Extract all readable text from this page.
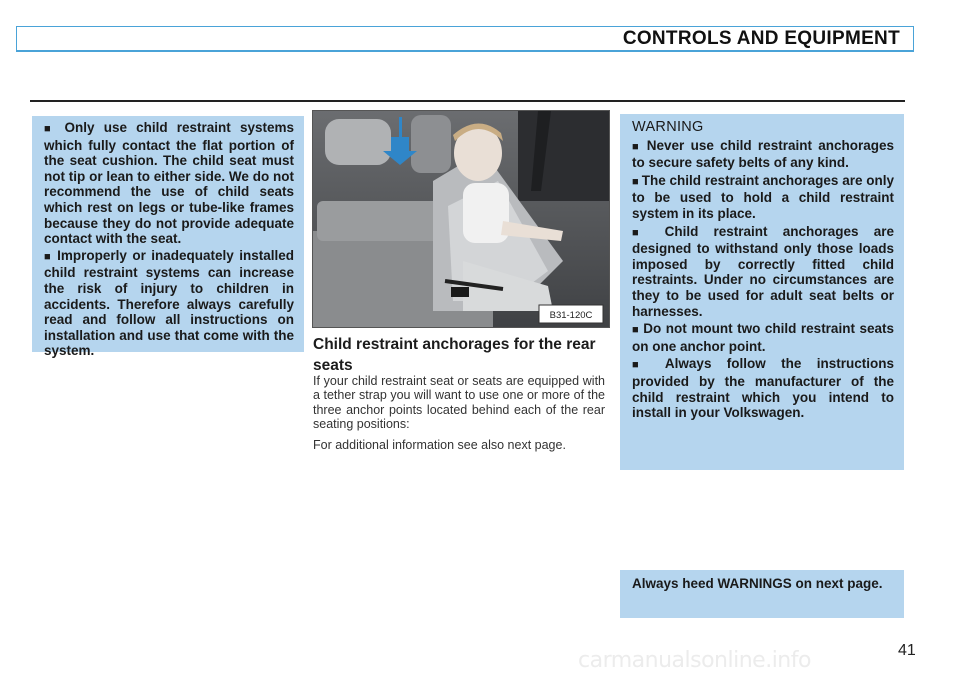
CONTROLS AND EQUIPMENT

■ Only use child restraint systems which fully contact the flat portion of the seat cushion. The child seat must not tip or lean to either side. We do not recommend the use of child seats which rest on legs or tube-like frames because they do not provide adequate contact with the seat.

■ Improperly or inadequately installed child restraint systems can increase the risk of injury to children in accidents. Therefore always carefully read and follow all instructions on installation and use that come with the system.

B31-120C
Child restraint anchorages for the rear seats

If your child restraint seat or seats are equipped with a tether strap you will want to use one or more of the three anchor points located behind each of the rear seating positions:

For additional information see also next page.

WARNING

■ Never use child restraint anchorages to secure safety belts of any kind.

■ The child restraint anchorages are only to be used to hold a child restraint system in its place.

■ Child restraint anchorages are designed to withstand only those loads imposed by correctly fitted child restraints. Under no circumstances are they to be used for adult seat belts or harnesses.

■ Do not mount two child restraint seats on one anchor point.

■ Always follow the instructions provided by the manufacturer of the child restraint which you intend to install in your Volkswagen.

Always heed WARNINGS on next page.

carmanualsonline.info	41
